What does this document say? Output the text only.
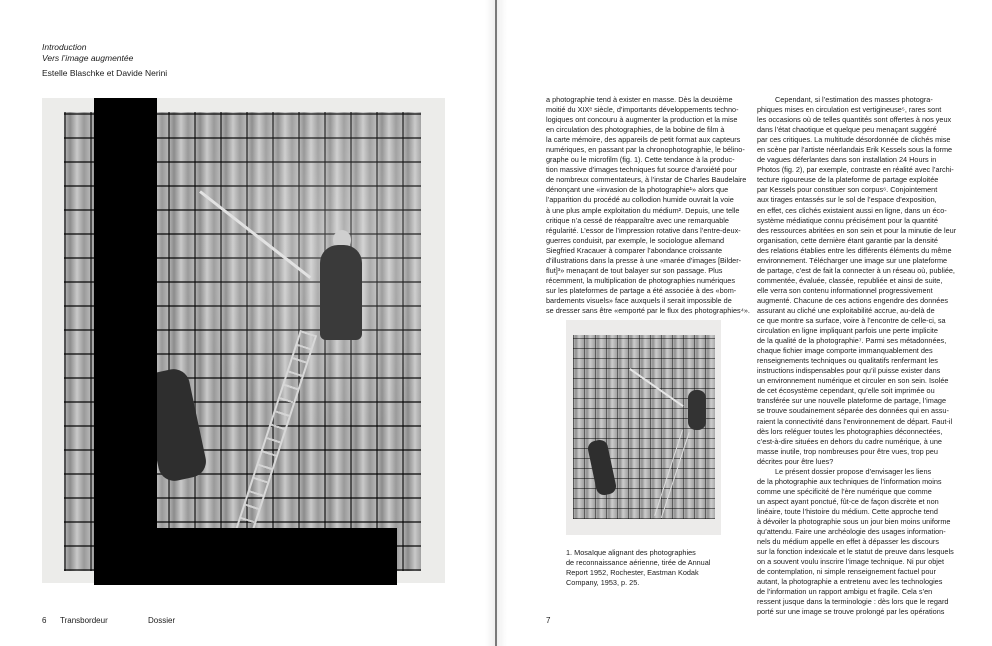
Introduction
Vers l’image augmentée
Estelle Blaschke et Davide Nerini

a photographie tend à exister en masse. Dès la deuxième

moitié du XIXᵉ siècle, d’importants développements techno-

logiques ont concouru à augmenter la production et la mise

en circulation des photographies, de la bobine de film à

la carte mémoire, des appareils de petit format aux capteurs

numériques, en passant par la chronophotographie, le bélino-

graphe ou le microfilm (fig. 1). Cette tendance à la produc-

tion massive d’images techniques fut source d’anxiété pour

de nombreux commentateurs, à l’instar de Charles Baudelaire

dénonçant une «invasion de la photographie¹» alors que

l’apparition du procédé au collodion humide ouvrait la voie

à une plus ample exploitation du médium². Depuis, une telle

critique n’a cessé de réapparaître avec une remarquable

régularité. L’essor de l’impression rotative dans l’entre-deux-

guerres conduisit, par exemple, le sociologue allemand

Siegfried Kracauer à comparer l’abondance croissante

d’illustrations dans la presse à une «marée d’images [Bilder-

flut]³» menaçant de tout balayer sur son passage. Plus

récemment, la multiplication de photographies numériques

sur les plateformes de partage a été associée à des «bom-

bardements visuels» face auxquels il serait impossible de

se dresser sans être «emporté par le flux des photographies⁴».

Cependant, si l’estimation des masses photogra-

phiques mises en circulation est vertigineuse⁵, rares sont

les occasions où de telles quantités sont offertes à nos yeux

dans l’état chaotique et quelque peu menaçant suggéré

par ces critiques. La multitude désordonnée de clichés mise

en scène par l’artiste néerlandais Erik Kessels sous la forme

de vagues déferlantes dans son installation 24 Hours in

Photos (fig. 2), par exemple, contraste en réalité avec l’archi-

tecture rigoureuse de la plateforme de partage exploitée

par Kessels pour constituer son corpus⁶. Conjointement

aux tirages entassés sur le sol de l’espace d’exposition,

en effet, ces clichés existaient aussi en ligne, dans un éco-

système médiatique connu précisément pour la quantité

des ressources abritées en son sein et pour la minutie de leur

organisation, cette dernière étant garantie par la densité

des relations établies entre les différents éléments du même

environnement. Télécharger une image sur une plateforme

de partage, c’est de fait la connecter à un réseau où, publiée,

commentée, évaluée, classée, republiée et ainsi de suite,

elle verra son contenu informationnel progressivement

augmenté. Chacune de ces actions engendre des données

assurant au cliché une exploitabilité accrue, au-delà de

ce que montre sa surface, voire à l’encontre de celle-ci, sa

circulation en ligne impliquant parfois une perte implicite

de la qualité de la photographie⁷. Parmi ses métadonnées,

chaque fichier image comporte immanquablement des

renseignements techniques ou qualitatifs renfermant les

instructions indispensables pour qu’il puisse exister dans

un environnement numérique et circuler en son sein. Isolée

de cet écosystème cependant, qu’elle soit imprimée ou

transférée sur une nouvelle plateforme de partage, l’image

se trouve soudainement séparée des données qui en assu-

raient la connectivité dans l’environnement de départ. Faut-il

dès lors reléguer toutes les photographies déconnectées,

c’est-à-dire situées en dehors du cadre numérique, à une

masse inutile, trop nombreuses pour être vues, trop peu

décrites pour être lues?

Le présent dossier propose d’envisager les liens

de la photographie aux techniques de l’information moins

comme une spécificité de l’ère numérique que comme

un aspect ayant ponctué, fût-ce de façon discrète et non

linéaire, toute l’histoire du médium. Cette approche tend

à dévoiler la photographie sous un jour bien moins uniforme

qu’attendu. Faire une archéologie des usages information-

nels du médium appelle en effet à dépasser les discours

sur la fonction indexicale et le statut de preuve dans lesquels

on a souvent voulu inscrire l’image technique. Ni pur objet

de contemplation, ni simple renseignement factuel pour

autant, la photographie a entretenu avec les technologies

de l’information un rapport ambigu et fragile. Cela s’en

ressent jusque dans la terminologie : dès lors que le regard

porté sur une image se trouve prolongé par les opérations

1. Mosaïque alignant des photographies

de reconnaissance aérienne, tirée de Annual

Report 1952, Rochester, Eastman Kodak

Company, 1953, p. 25.

6 Transbordeur	Dossier	7
